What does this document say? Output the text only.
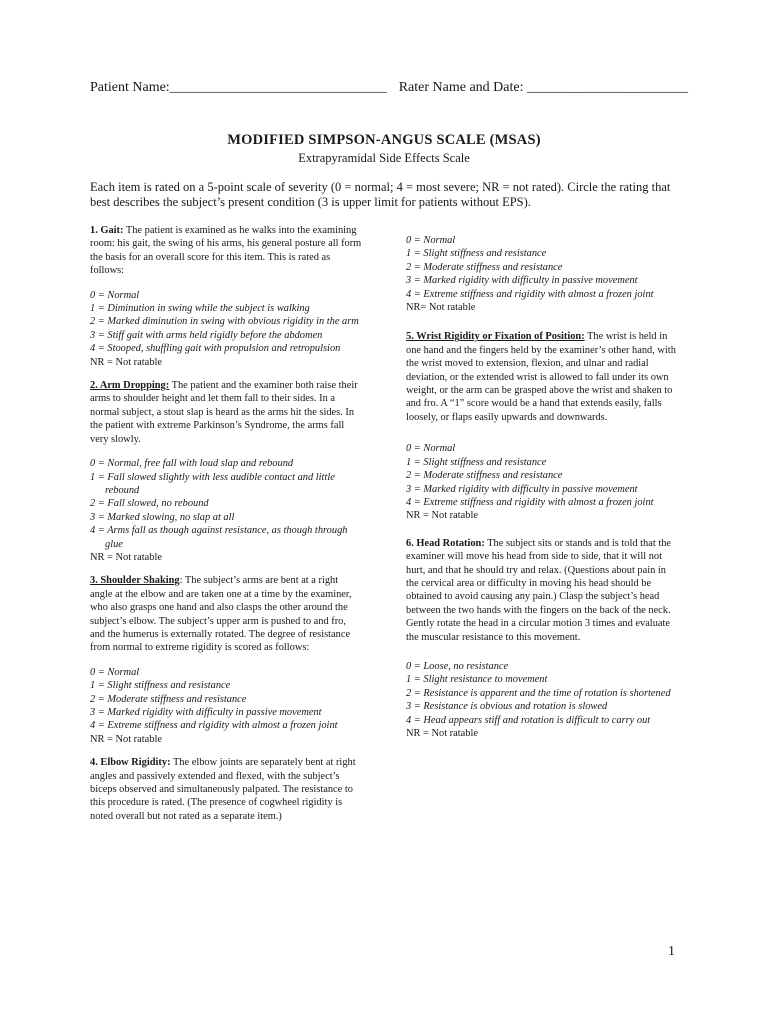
Patient Name:_______________________________ Rater Name and Date: _______________________
MODIFIED SIMPSON-ANGUS SCALE (MSAS)
Extrapyramidal Side Effects Scale
Each item is rated on a 5-point scale of severity (0 = normal; 4 = most severe; NR = not rated). Circle the rating that best describes the subject’s present condition (3 is upper limit for patients without EPS).
1. Gait: The patient is examined as he walks into the examining room: his gait, the swing of his arms, his general posture all form the basis for an overall score for this item. This is rated as follows:
0 = Normal
1 = Diminution in swing while the subject is walking
2 = Marked diminution in swing with obvious rigidity in the arm
3 = Stiff gait with arms held rigidly before the abdomen
4 = Stooped, shuffling gait with propulsion and retropulsion
NR = Not ratable
2. Arm Dropping: The patient and the examiner both raise their arms to shoulder height and let them fall to their sides. In a normal subject, a stout slap is heard as the arms hit the sides. In the patient with extreme Parkinson’s Syndrome, the arms fall very slowly.
0 = Normal, free fall with loud slap and rebound
1 = Fall slowed slightly with less audible contact and little rebound
2 = Fall slowed, no rebound
3 = Marked slowing, no slap at all
4 = Arms fall as though against resistance, as though through glue
NR = Not ratable
3. Shoulder Shaking: The subject’s arms are bent at a right angle at the elbow and are taken one at a time by the examiner, who also grasps one hand and also clasps the other around the subject’s elbow. The subject’s upper arm is pushed to and fro, and the humerus is externally rotated. The degree of resistance from normal to extreme rigidity is scored as follows:
0 = Normal
1 = Slight stiffness and resistance
2 = Moderate stiffness and resistance
3 = Marked rigidity with difficulty in passive movement
4 = Extreme stiffness and rigidity with almost a frozen joint
NR = Not ratable
4. Elbow Rigidity: The elbow joints are separately bent at right angles and passively extended and flexed, with the subject’s biceps observed and simultaneously palpated. The resistance to this procedure is rated. (The presence of cogwheel rigidity is noted overall but not rated as a separate item.)
0 = Normal
1 = Slight stiffness and resistance
2 = Moderate stiffness and resistance
3 = Marked rigidity with difficulty in passive movement
4 = Extreme stiffness and rigidity with almost a frozen joint
NR= Not ratable
5. Wrist Rigidity or Fixation of Position: The wrist is held in one hand and the fingers held by the examiner’s other hand, with the wrist moved to extension, flexion, and ulnar and radial deviation, or the extended wrist is allowed to fall under its own weight, or the arm can be grasped above the wrist and shaken to and fro. A “1” score would be a hand that extends easily, falls loosely, or flaps easily upwards and downwards.
0 = Normal
1 = Slight stiffness and resistance
2 = Moderate stiffness and resistance
3 = Marked rigidity with difficulty in passive movement
4 = Extreme stiffness and rigidity with almost a frozen joint
NR = Not ratable
6. Head Rotation: The subject sits or stands and is told that the examiner will move his head from side to side, that it will not hurt, and that he should try and relax. (Questions about pain in the cervical area or difficulty in moving his head should be obtained to avoid causing any pain.) Clasp the subject’s head between the two hands with the fingers on the back of the neck. Gently rotate the head in a circular motion 3 times and evaluate the muscular resistance to this movement.
0 = Loose, no resistance
1 = Slight resistance to movement
2 = Resistance is apparent and the time of rotation is shortened
3 = Resistance is obvious and rotation is slowed
4 = Head appears stiff and rotation is difficult to carry out
NR = Not ratable
1
